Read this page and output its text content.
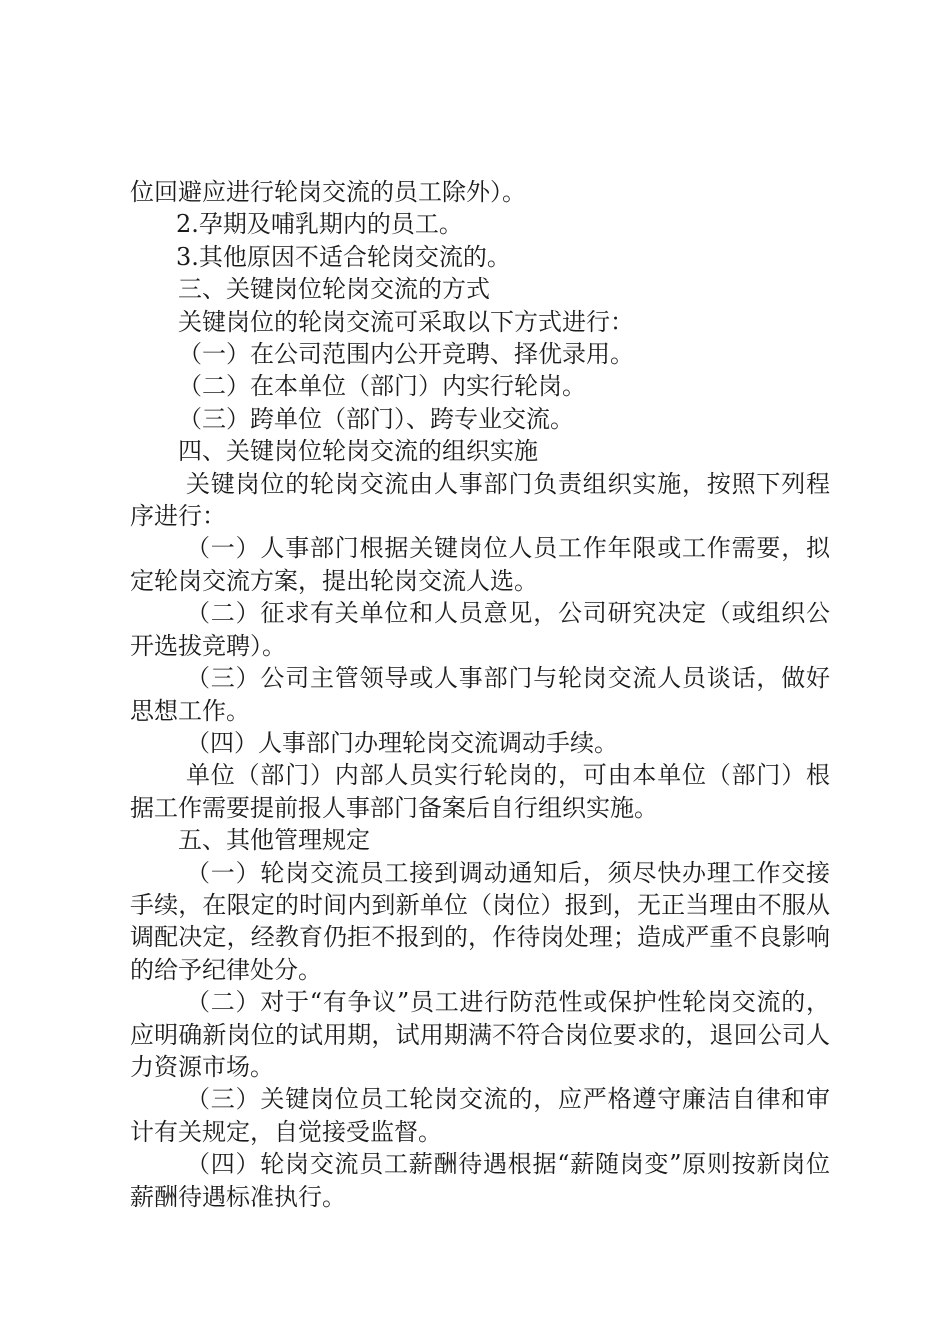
位回避应进行轮岗交流的员工除外）。

2.孕期及哺乳期内的员工。

3.其他原因不适合轮岗交流的。

三、关键岗位轮岗交流的方式

关键岗位的轮岗交流可采取以下方式进行：

（一）在公司范围内公开竞聘、择优录用。

（二）在本单位（部门）内实行轮岗。

（三）跨单位（部门）、跨专业交流。

四、关键岗位轮岗交流的组织实施

关键岗位的轮岗交流由人事部门负责组织实施，按照下列程序进行：

（一）人事部门根据关键岗位人员工作年限或工作需要，拟定轮岗交流方案，提出轮岗交流人选。

（二）征求有关单位和人员意见，公司研究决定（或组织公开选拔竞聘）。

（三）公司主管领导或人事部门与轮岗交流人员谈话，做好思想工作。

（四）人事部门办理轮岗交流调动手续。

单位（部门）内部人员实行轮岗的，可由本单位（部门）根据工作需要提前报人事部门备案后自行组织实施。

五、其他管理规定

（一）轮岗交流员工接到调动通知后，须尽快办理工作交接手续，在限定的时间内到新单位（岗位）报到，无正当理由不服从调配决定，经教育仍拒不报到的，作待岗处理；造成严重不良影响的给予纪律处分。

（二）对于“有争议”员工进行防范性或保护性轮岗交流的，应明确新岗位的试用期，试用期满不符合岗位要求的，退回公司人力资源市场。

（三）关键岗位员工轮岗交流的，应严格遵守廉洁自律和审计有关规定，自觉接受监督。

（四）轮岗交流员工薪酬待遇根据“薪随岗变”原则按新岗位薪酬待遇标准执行。
